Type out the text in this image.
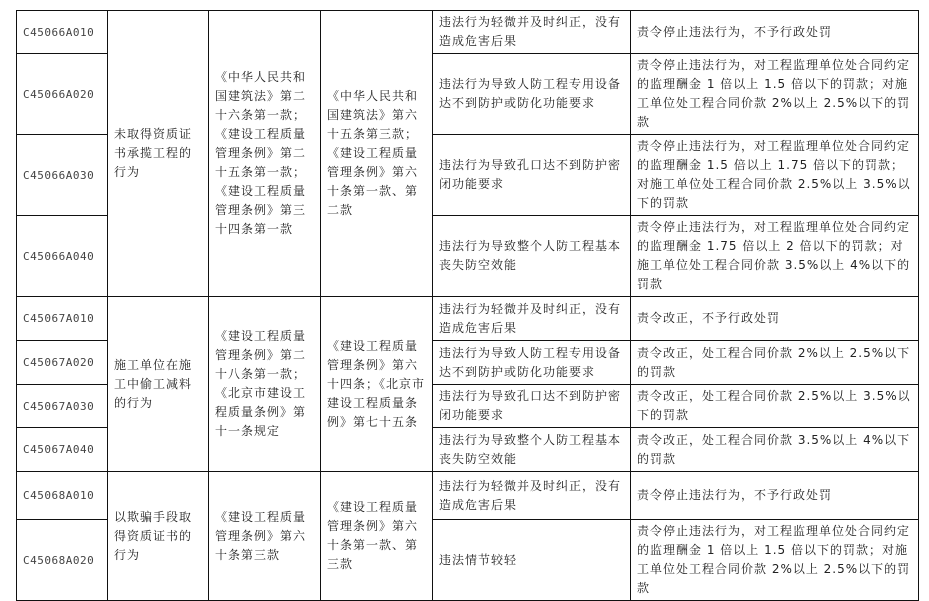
C45066A010	未取得资质证书承揽工程的行为	《中华人民共和国建筑法》第二十六条第一款；《建设工程质量管理条例》第二十五条第一款；《建设工程质量管理条例》第三十四条第一款	《中华人民共和国建筑法》第六十五条第三款；《建设工程质量管理条例》第六十条第一款、第二款	违法行为轻微并及时纠正，没有造成危害后果	责令停止违法行为，不予行政处罚
C45066A020				违法行为导致人防工程专用设备达不到防护或防化功能要求	责令停止违法行为，对工程监理单位处合同约定的监理酬金 1 倍以上 1.5 倍以下的罚款；对施工单位处工程合同价款 2%以上 2.5%以下的罚款
C45066A030				违法行为导致孔口达不到防护密闭功能要求	责令停止违法行为，对工程监理单位处合同约定的监理酬金 1.5 倍以上 1.75 倍以下的罚款；对施工单位处工程合同价款 2.5%以上 3.5%以下的罚款
C45066A040				违法行为导致整个人防工程基本丧失防空效能	责令停止违法行为，对工程监理单位处合同约定的监理酬金 1.75 倍以上 2 倍以下的罚款；对施工单位处工程合同价款 3.5%以上 4%以下的罚款
C45067A010	施工单位在施工中偷工减料的行为	《建设工程质量管理条例》第二十八条第一款；《北京市建设工程质量条例》第十一条规定	《建设工程质量管理条例》第六十四条；《北京市建设工程质量条例》第七十五条	违法行为轻微并及时纠正，没有造成危害后果	责令改正，不予行政处罚
C45067A020				违法行为导致人防工程专用设备达不到防护或防化功能要求	责令改正，处工程合同价款 2%以上 2.5%以下的罚款
C45067A030				违法行为导致孔口达不到防护密闭功能要求	责令改正，处工程合同价款 2.5%以上 3.5%以下的罚款
C45067A040				违法行为导致整个人防工程基本丧失防空效能	责令改正，处工程合同价款 3.5%以上 4%以下的罚款
C45068A010	以欺骗手段取得资质证书的行为	《建设工程质量管理条例》第六十条第三款	《建设工程质量管理条例》第六十条第一款、第三款	违法行为轻微并及时纠正，没有造成危害后果	责令停止违法行为，不予行政处罚
C45068A020				违法情节较轻	责令停止违法行为，对工程监理单位处合同约定的监理酬金 1 倍以上 1.5 倍以下的罚款；对施工单位处工程合同价款 2%以上 2.5%以下的罚款
